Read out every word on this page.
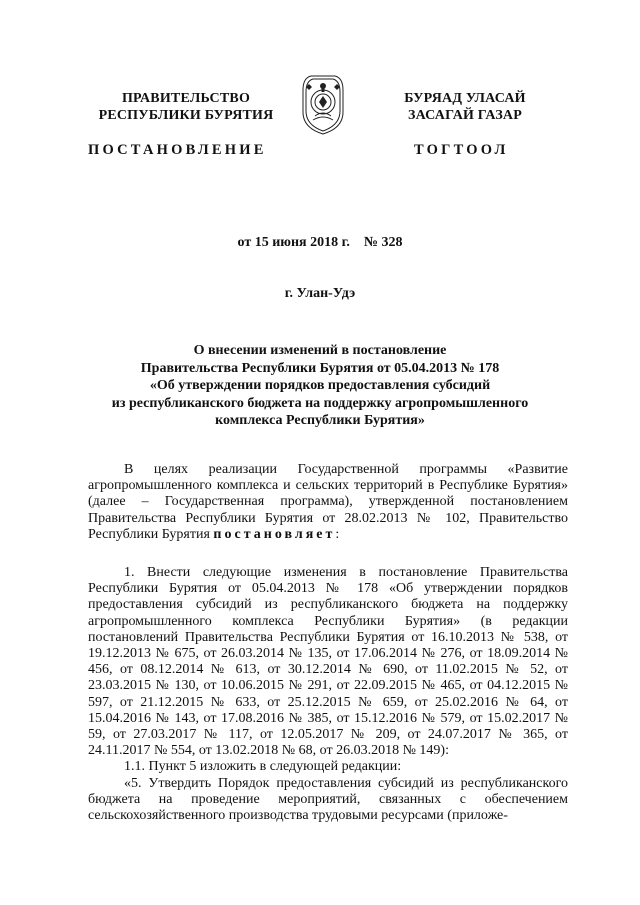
ПРАВИТЕЛЬСТВО
РЕСПУБЛИКИ БУРЯТИЯ
БУРЯАД УЛАСАЙ
ЗАСАГАЙ ГАЗАР
ПОСТАНОВЛЕНИЕ	ТОГТООЛ
от 15 июня 2018 г. № 328
г. Улан-Удэ
О внесении изменений в постановление
Правительства Республики Бурятия от 05.04.2013 № 178
«Об утверждении порядков предоставления субсидий
из республиканского бюджета на поддержку агропромышленного
комплекса Республики Бурятия»

В целях реализации Государственной программы «Развитие агропромышленного комплекса и сельских территорий в Республике Бурятия» (далее – Государственная программа), утвержденной постановлением Правительства Республики Бурятия от 28.02.2013 № 102, Правительство Республики Бурятия постановляет:

1. Внести следующие изменения в постановление Правительства Республики Бурятия от 05.04.2013 № 178 «Об утверждении порядков предоставления субсидий из республиканского бюджета на поддержку агропромышленного комплекса Республики Бурятия» (в редакции постановлений Правительства Республики Бурятия от 16.10.2013 № 538, от 19.12.2013 № 675, от 26.03.2014 № 135, от 17.06.2014 № 276, от 18.09.2014 № 456, от 08.12.2014 № 613, от 30.12.2014 № 690, от 11.02.2015 № 52, от 23.03.2015 № 130, от 10.06.2015 № 291, от 22.09.2015 № 465, от 04.12.2015 № 597, от 21.12.2015 № 633, от 25.12.2015 № 659, от 25.02.2016 № 64, от 15.04.2016 № 143, от 17.08.2016 № 385, от 15.12.2016 № 579, от 15.02.2017 № 59, от 27.03.2017 № 117, от 12.05.2017 № 209, от 24.07.2017 № 365, от 24.11.2017 № 554, от 13.02.2018 № 68, от 26.03.2018 № 149):

1.1. Пункт 5 изложить в следующей редакции:

«5. Утвердить Порядок предоставления субсидий из республиканского бюджета на проведение мероприятий, связанных с обеспечением сельскохозяйственного производства трудовыми ресурсами (приложе-
